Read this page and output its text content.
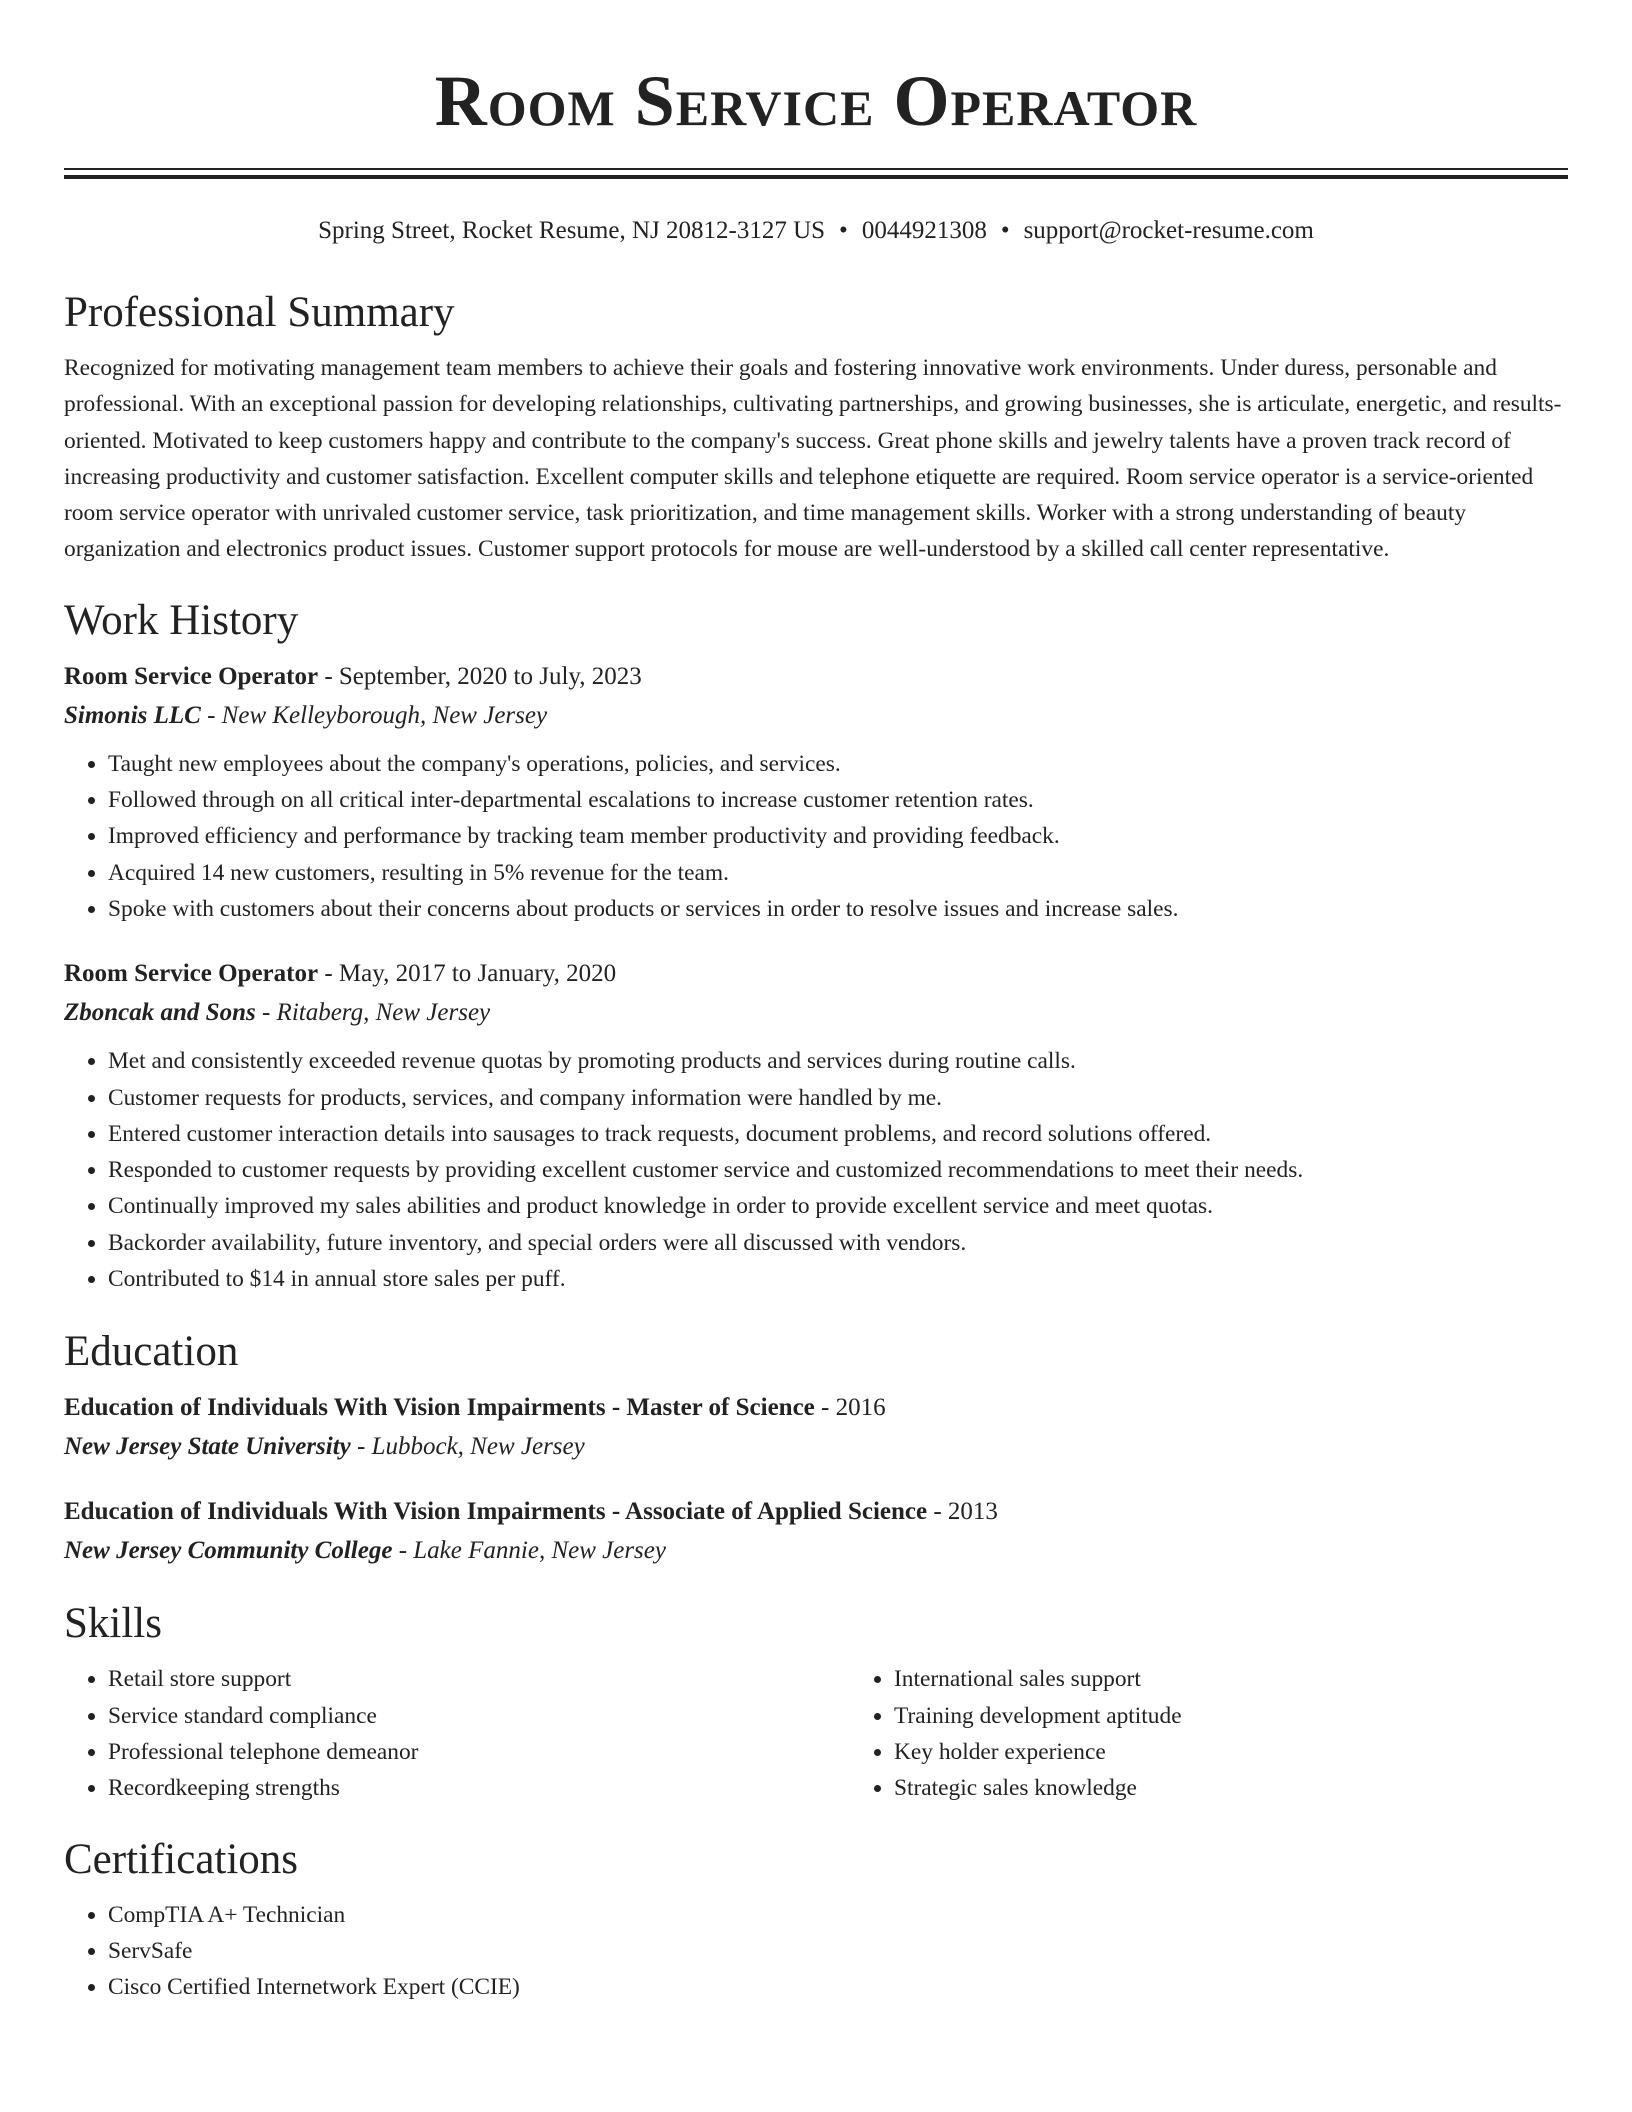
Room Service Operator
Spring Street, Rocket Resume, NJ 20812-3127 US • 0044921308 • support@rocket-resume.com
Professional Summary

Recognized for motivating management team members to achieve their goals and fostering innovative work environments. Under duress, personable and professional. With an exceptional passion for developing relationships, cultivating partnerships, and growing businesses, she is articulate, energetic, and results-oriented. Motivated to keep customers happy and contribute to the company's success. Great phone skills and jewelry talents have a proven track record of increasing productivity and customer satisfaction. Excellent computer skills and telephone etiquette are required. Room service operator is a service-oriented room service operator with unrivaled customer service, task prioritization, and time management skills. Worker with a strong understanding of beauty organization and electronics product issues. Customer support protocols for mouse are well-understood by a skilled call center representative.

Work History
Room Service Operator - September, 2020 to July, 2023
Simonis LLC - New Kelleyborough, New Jersey
• Taught new employees about the company's operations, policies, and services.
• Followed through on all critical inter-departmental escalations to increase customer retention rates.
• Improved efficiency and performance by tracking team member productivity and providing feedback.
• Acquired 14 new customers, resulting in 5% revenue for the team.
• Spoke with customers about their concerns about products or services in order to resolve issues and increase sales.
Room Service Operator - May, 2017 to January, 2020
Zboncak and Sons - Ritaberg, New Jersey
• Met and consistently exceeded revenue quotas by promoting products and services during routine calls.
• Customer requests for products, services, and company information were handled by me.
• Entered customer interaction details into sausages to track requests, document problems, and record solutions offered.
• Responded to customer requests by providing excellent customer service and customized recommendations to meet their needs.
• Continually improved my sales abilities and product knowledge in order to provide excellent service and meet quotas.
• Backorder availability, future inventory, and special orders were all discussed with vendors.
• Contributed to $14 in annual store sales per puff.
Education
Education of Individuals With Vision Impairments - Master of Science - 2016
New Jersey State University - Lubbock, New Jersey
Education of Individuals With Vision Impairments - Associate of Applied Science - 2013
New Jersey Community College - Lake Fannie, New Jersey
Skills
• Retail store support
• Service standard compliance
• Professional telephone demeanor
• Recordkeeping strengths
• International sales support
• Training development aptitude
• Key holder experience
• Strategic sales knowledge
Certifications
• CompTIA A+ Technician
• ServSafe
• Cisco Certified Internetwork Expert (CCIE)
